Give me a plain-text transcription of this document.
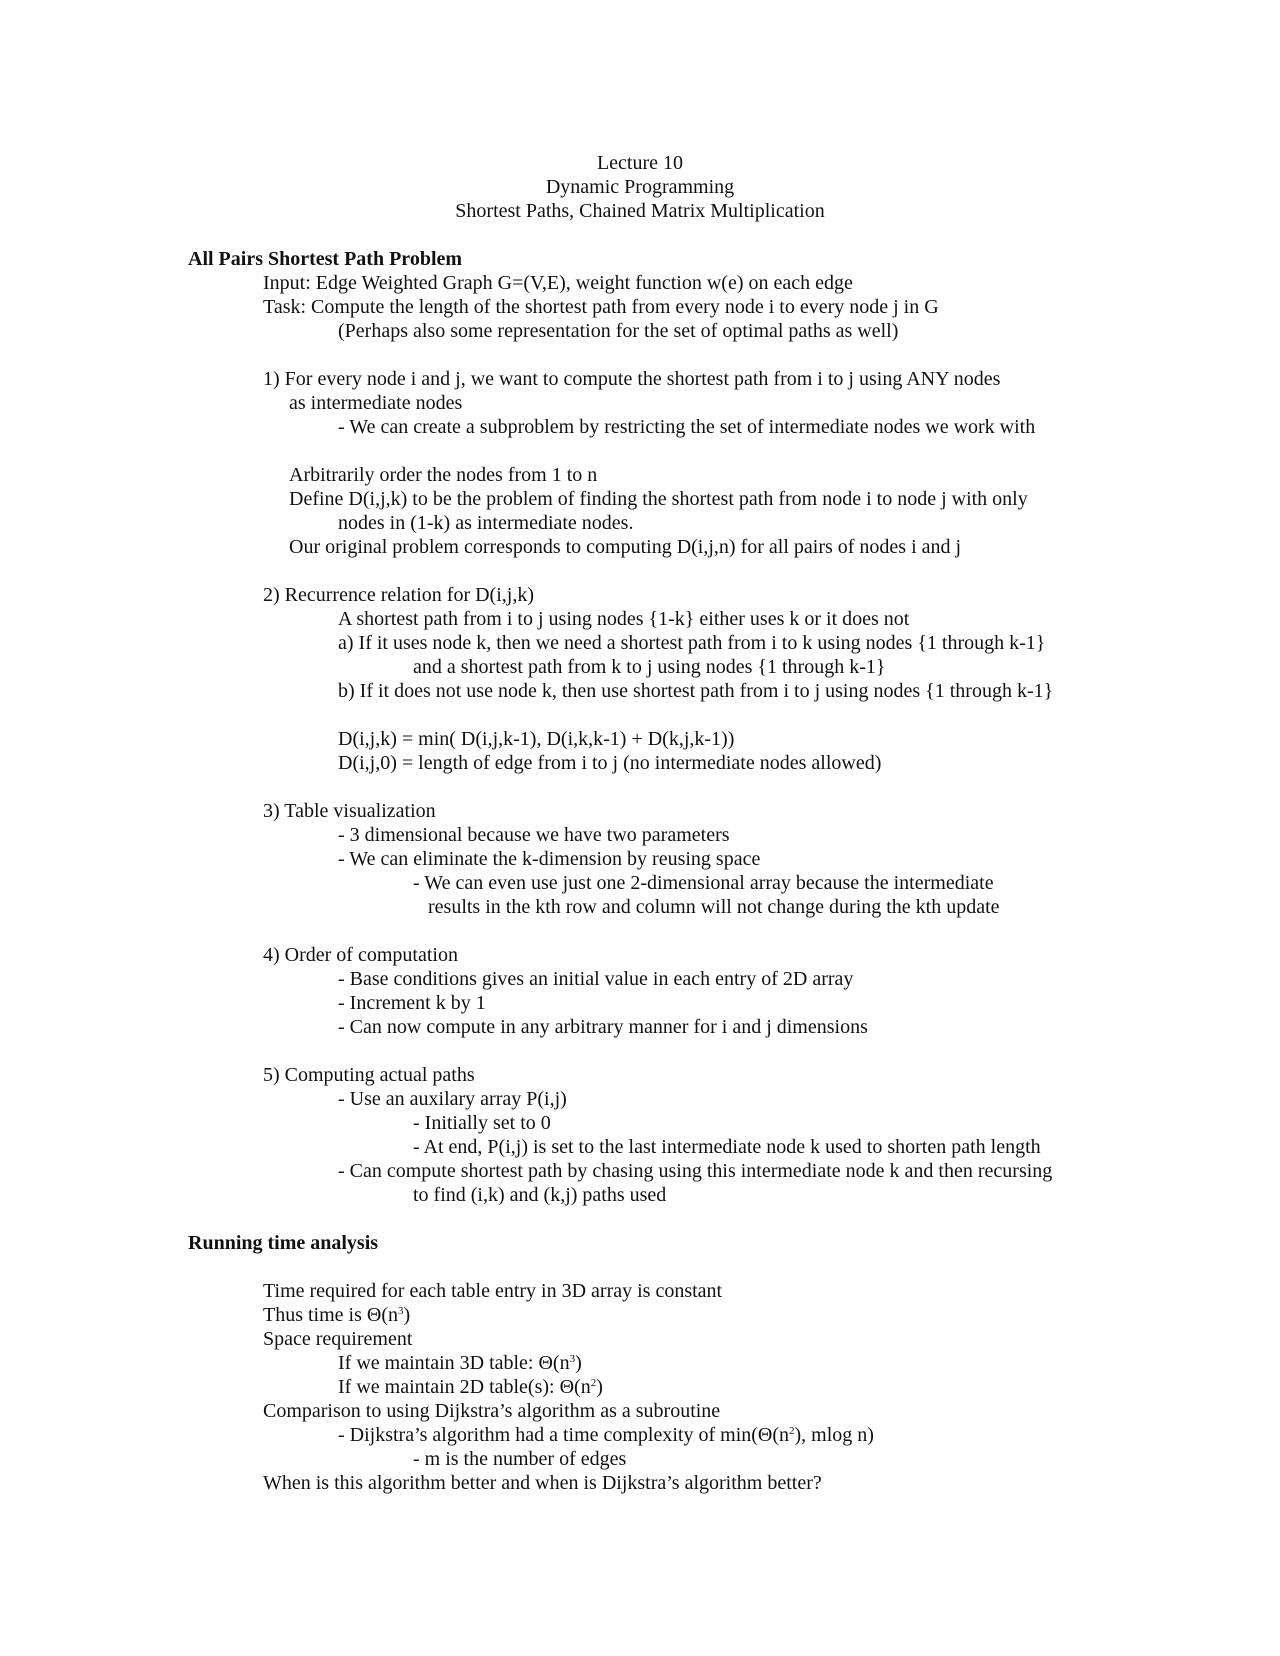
Lecture 10
Dynamic Programming
Shortest Paths, Chained Matrix Multiplication
All Pairs Shortest Path Problem
Input: Edge Weighted Graph G=(V,E), weight function w(e) on each edge
Task: Compute the length of the shortest path from every node i to every node j in G
(Perhaps also some representation for the set of optimal paths as well)
1) For every node i and j, we want to compute the shortest path from i to j using ANY nodes
as intermediate nodes
- We can create a subproblem by restricting the set of intermediate nodes we work with
Arbitrarily order the nodes from 1 to n
Define D(i,j,k) to be the problem of finding the shortest path from node i to node j with only
nodes in (1-k) as intermediate nodes.
Our original problem corresponds to computing D(i,j,n) for all pairs of nodes i and j
2) Recurrence relation for D(i,j,k)
A shortest path from i to j using nodes {1-k} either uses k or it does not
a) If it uses node k, then we need a shortest path from i to k using nodes {1 through k-1}
and a shortest path from k to j using nodes {1 through k-1}
b) If it does not use node k, then use shortest path from i to j using nodes {1 through k-1}
D(i,j,k) = min( D(i,j,k-1), D(i,k,k-1) + D(k,j,k-1))
D(i,j,0) = length of edge from i to j (no intermediate nodes allowed)
3) Table visualization
- 3 dimensional because we have two parameters
- We can eliminate the k-dimension by reusing space
- We can even use just one 2-dimensional array because the intermediate
results in the kth row and column will not change during the kth update
4) Order of computation
- Base conditions gives an initial value in each entry of 2D array
- Increment k by 1
- Can now compute in any arbitrary manner for i and j dimensions
5) Computing actual paths
- Use an auxilary array P(i,j)
- Initially set to 0
- At end, P(i,j) is set to the last intermediate node k used to shorten path length
- Can compute shortest path by chasing using this intermediate node k and then recursing
to find (i,k) and (k,j) paths used
Running time analysis
Time required for each table entry in 3D array is constant
Thus time is $\Theta(n^3)$
Space requirement
If we maintain 3D table: $\Theta(n^3)$
If we maintain 2D table(s): $\Theta(n^2)$
Comparison to using Dijkstra’s algorithm as a subroutine
- Dijkstra’s algorithm had a time complexity of $\min(\Theta(n^2)$, mlog n)
- m is the number of edges
When is this algorithm better and when is Dijkstra’s algorithm better?
